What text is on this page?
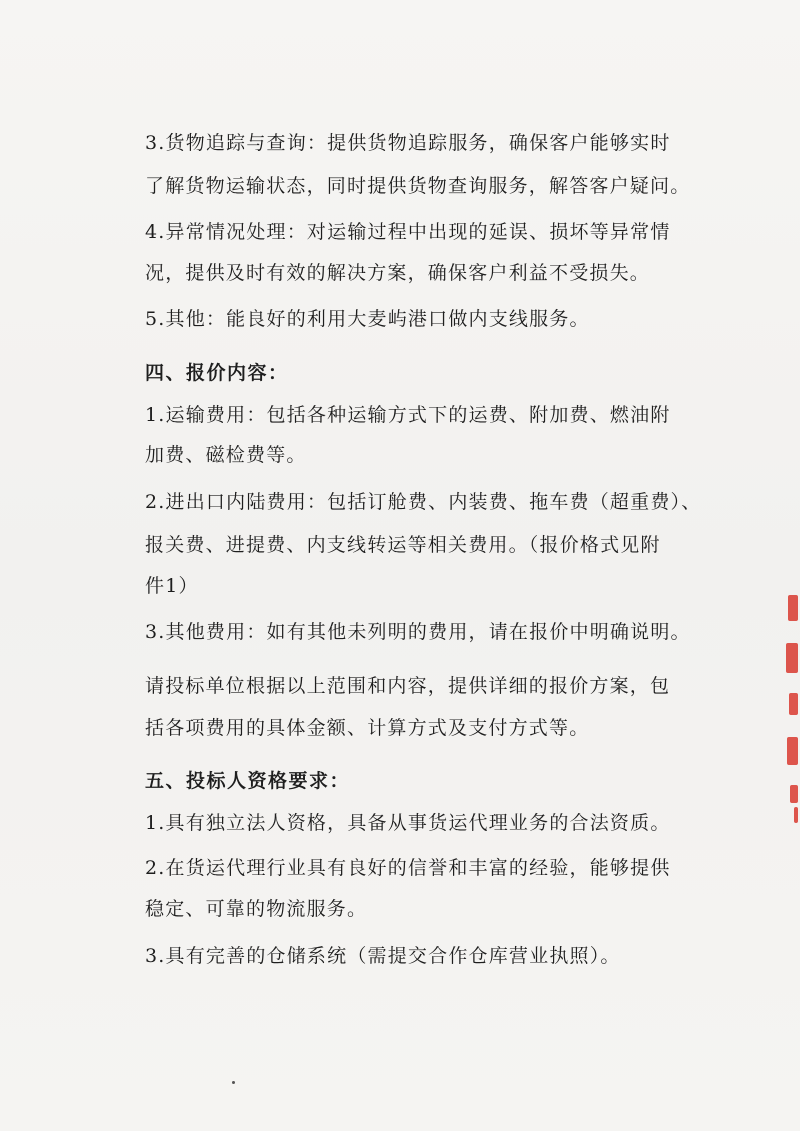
3.货物追踪与查询：提供货物追踪服务，确保客户能够实时

了解货物运输状态，同时提供货物查询服务，解答客户疑问。

4.异常情况处理：对运输过程中出现的延误、损坏等异常情

况，提供及时有效的解决方案，确保客户利益不受损失。

5.其他：能良好的利用大麦屿港口做内支线服务。

四、报价内容：

1.运输费用：包括各种运输方式下的运费、附加费、燃油附

加费、磁检费等。

2.进出口内陆费用：包括订舱费、内装费、拖车费（超重费）、

报关费、进提费、内支线转运等相关费用。（报价格式见附

件1）

3.其他费用：如有其他未列明的费用，请在报价中明确说明。

请投标单位根据以上范围和内容，提供详细的报价方案，包

括各项费用的具体金额、计算方式及支付方式等。

五、投标人资格要求：

1.具有独立法人资格，具备从事货运代理业务的合法资质。

2.在货运代理行业具有良好的信誉和丰富的经验，能够提供

稳定、可靠的物流服务。

3.具有完善的仓储系统（需提交合作仓库营业执照）。
